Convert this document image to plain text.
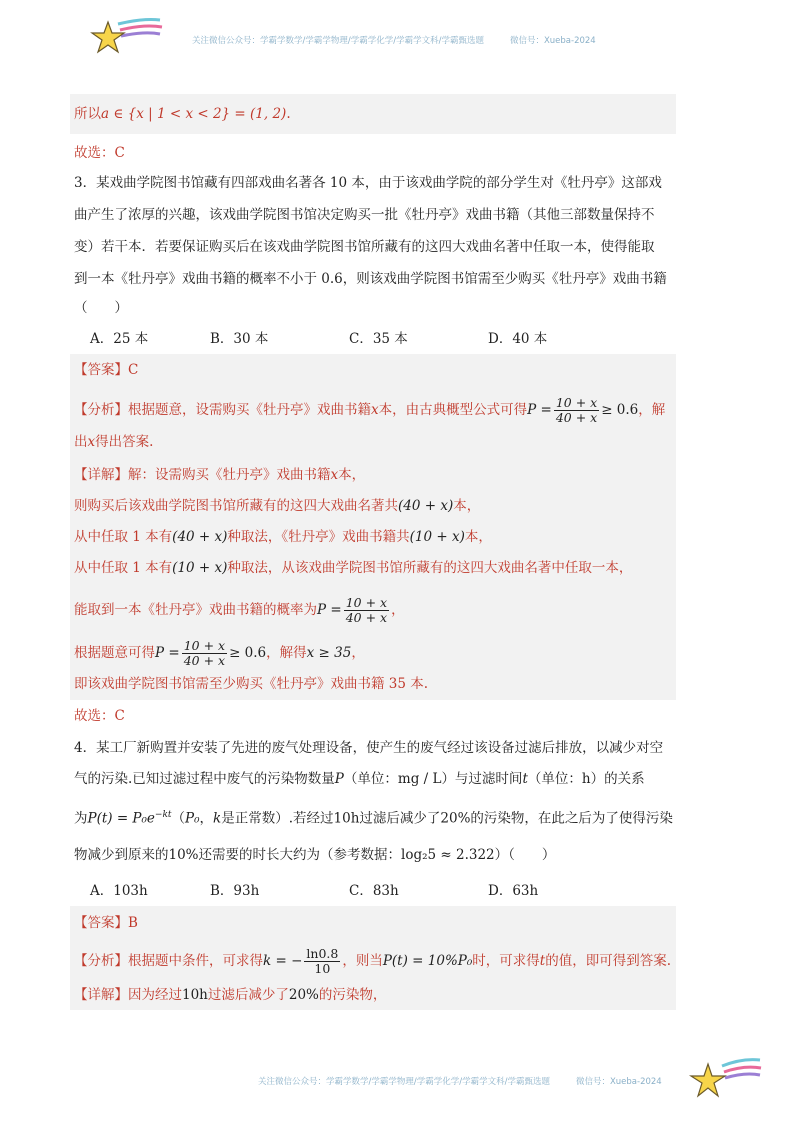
关注微信公众号：学霸学数学/学霸学物理/学霸学化学/学霸学文科/学霸甄选题	微信号：Xueba-2024
所以a ∈ {x | 1 < x < 2} = (1, 2).
故选：C
3．某戏曲学院图书馆藏有四部戏曲名著各 10 本，由于该戏曲学院的部分学生对《牡丹亭》这部戏
曲产生了浓厚的兴趣，该戏曲学院图书馆决定购买一批《牡丹亭》戏曲书籍（其他三部数量保持不
变）若干本．若要保证购买后在该戏曲学院图书馆所藏有的这四大戏曲名著中任取一本，使得能取
到一本《牡丹亭》戏曲书籍的概率不小于 0.6，则该戏曲学院图书馆需至少购买《牡丹亭》戏曲书籍
（　　）
A．25 本	B．30 本	C．35 本	D．40 本
【答案】C
【分析】根据题意，设需购买《牡丹亭》戏曲书籍x本，由古典概型公式可得$P = \frac{10 + x}{40 + x} \ge 0.6$，解
出x得出答案.
【详解】解：设需购买《牡丹亭》戏曲书籍x本，
则购买后该戏曲学院图书馆所藏有的这四大戏曲名著共(40 + x)本，
从中任取 1 本有(40 + x)种取法，《牡丹亭》戏曲书籍共(10 + x)本，
从中任取 1 本有(10 + x)种取法，从该戏曲学院图书馆所藏有的这四大戏曲名著中任取一本，
能取到一本《牡丹亭》戏曲书籍的概率为$P = \frac{10 + x}{40 + x}$ ，
根据题意可得$P = \frac{10 + x}{40 + x} \ge 0.6$，解得x ≥ 35，
即该戏曲学院图书馆需至少购买《牡丹亭》戏曲书籍 35 本.
故选：C
4．某工厂新购置并安装了先进的废气处理设备，使产生的废气经过该设备过滤后排放，以减少对空
气的污染.已知过滤过程中废气的污染物数量P（单位：mg / L）与过滤时间t（单位：h）的关系
为$P(t) = P_0e^{-kt}(P_0$，k是正常数）.若经过10h过滤后减少了20%的污染物，在此之后为了使得污染
物减少到原来的10%还需要的时长大约为（参考数据：log₂5 ≈ 2.322）（　　）
A．103h	B．93h	C．83h	D．63h
【答案】B
【分析】根据题中条件，可求得k = − $\frac{\ln 0.8}{10}$ ，则当P(t) = 10%P₀时，可求得t的值，即可得到答案.
【详解】因为经过10h过滤后减少了20%的污染物，
关注微信公众号：学霸学数学/学霸学物理/学霸学化学/学霸学文科/学霸甄选题	微信号：Xueba-2024
